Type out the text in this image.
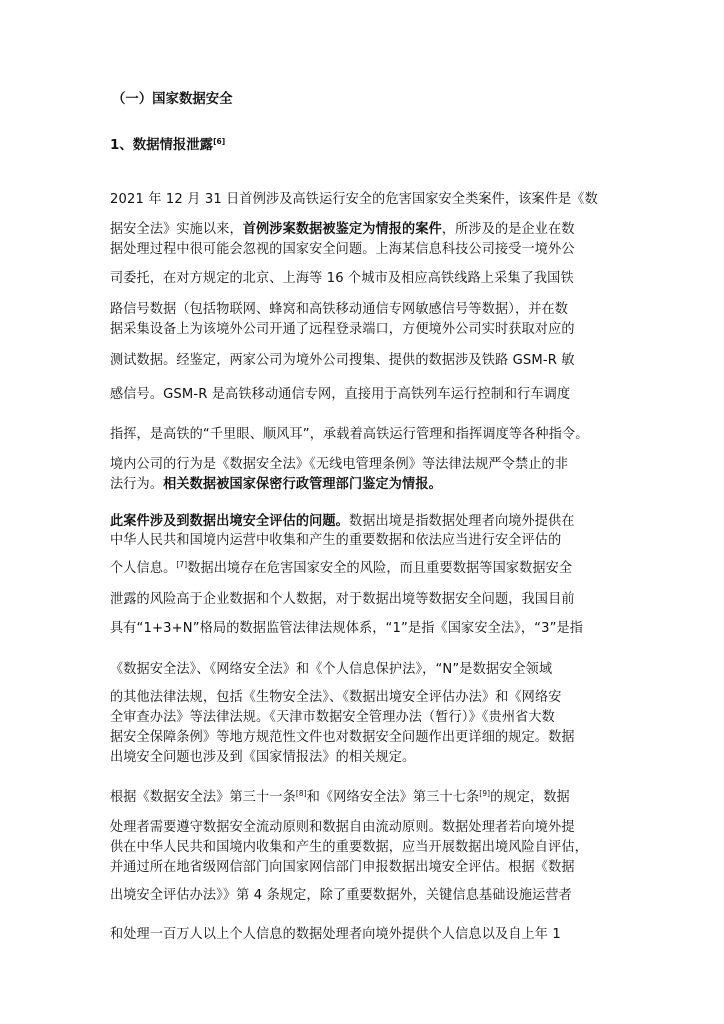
（一）国家数据安全
1、数据情报泄露[6]
2021 年 12 月 31 日首例涉及高铁运行安全的危害国家安全类案件，该案件是《数
据安全法》实施以来，首例涉案数据被鉴定为情报的案件，所涉及的是企业在数
据处理过程中很可能会忽视的国家安全问题。上海某信息科技公司接受一境外公
司委托，在对方规定的北京、上海等 16 个城市及相应高铁线路上采集了我国铁
路信号数据（包括物联网、蜂窝和高铁移动通信专网敏感信号等数据），并在数
据采集设备上为该境外公司开通了远程登录端口，方便境外公司实时获取对应的
测试数据。经鉴定，两家公司为境外公司搜集、提供的数据涉及铁路 GSM-R 敏
感信号。GSM-R 是高铁移动通信专网，直接用于高铁列车运行控制和行车调度
指挥，是高铁的“千里眼、顺风耳”，承载着高铁运行管理和指挥调度等各种指令。
境内公司的行为是《数据安全法》《无线电管理条例》等法律法规严令禁止的非
法行为。相关数据被国家保密行政管理部门鉴定为情报。
此案件涉及到数据出境安全评估的问题。数据出境是指数据处理者向境外提供在
中华人民共和国境内运营中收集和产生的重要数据和依法应当进行安全评估的
个人信息。[7]数据出境存在危害国家安全的风险，而且重要数据等国家数据安全
泄露的风险高于企业数据和个人数据，对于数据出境等数据安全问题，我国目前
具有“1+3+N”格局的数据监管法律法规体系，“1”是指《国家安全法》，“3”是指
《数据安全法》、《网络安全法》和《个人信息保护法》，“N”是数据安全领域
的其他法律法规，包括《生物安全法》、《数据出境安全评估办法》和《网络安
全审查办法》等法律法规。《天津市数据安全管理办法（暂行）》《贵州省大数
据安全保障条例》等地方规范性文件也对数据安全问题作出更详细的规定。数据
出境安全问题也涉及到《国家情报法》的相关规定。
根据《数据安全法》第三十一条[8]和《网络安全法》第三十七条[9]的规定，数据
处理者需要遵守数据安全流动原则和数据自由流动原则。数据处理者若向境外提
供在中华人民共和国境内收集和产生的重要数据，应当开展数据出境风险自评估，
并通过所在地省级网信部门向国家网信部门申报数据出境安全评估。根据《数据
出境安全评估办法》》第 4 条规定，除了重要数据外，关键信息基础设施运营者
和处理一百万人以上个人信息的数据处理者向境外提供个人信息以及自上年 1
